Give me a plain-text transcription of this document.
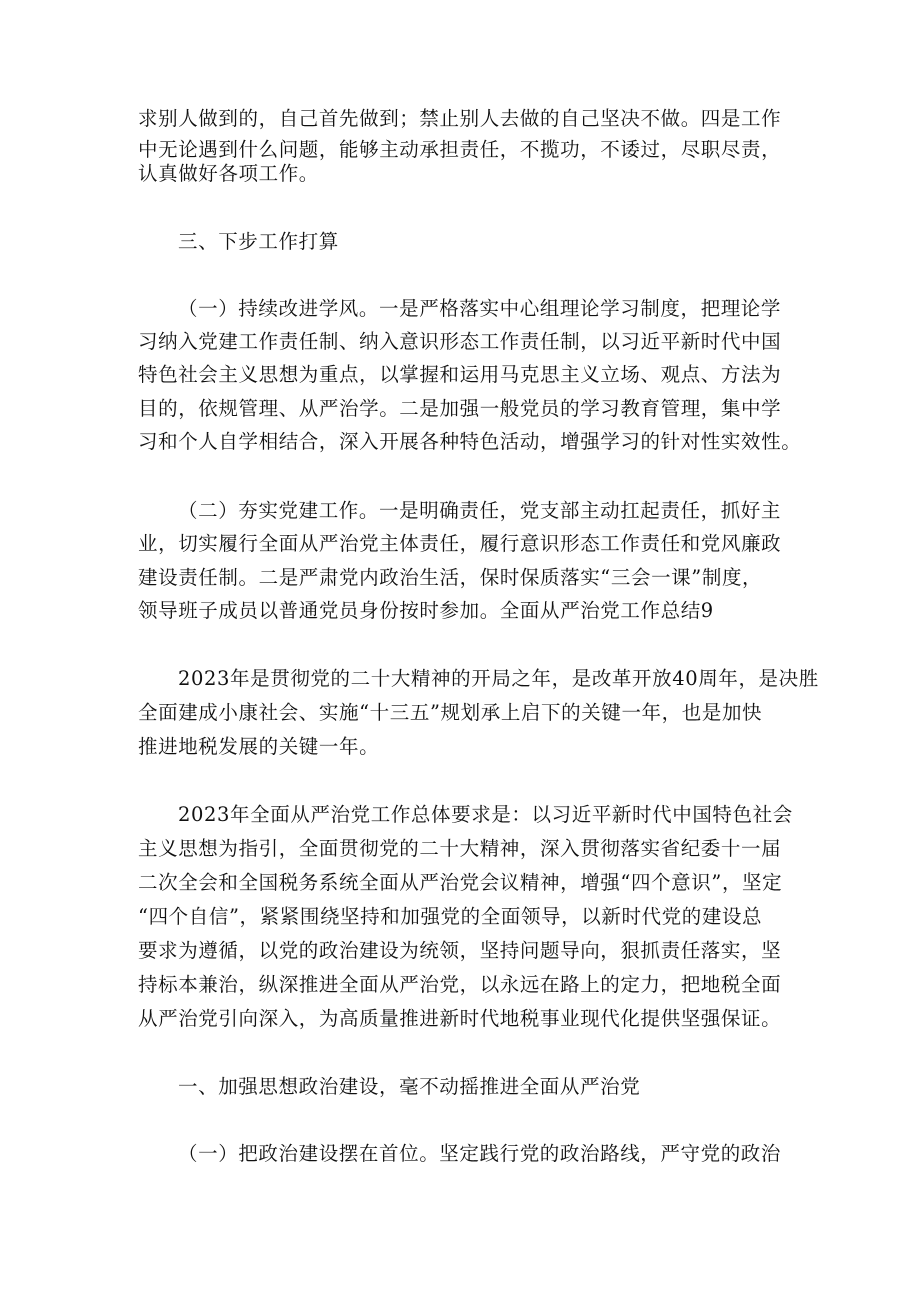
求别人做到的，自己首先做到；禁止别人去做的自己坚决不做。四是工作

中无论遇到什么问题，能够主动承担责任，不揽功，不诿过，尽职尽责，

认真做好各项工作。

三、下步工作打算

（一）持续改进学风。一是严格落实中心组理论学习制度，把理论学

习纳入党建工作责任制、纳入意识形态工作责任制，以习近平新时代中国

特色社会主义思想为重点，以掌握和运用马克思主义立场、观点、方法为

目的，依规管理、从严治学。二是加强一般党员的学习教育管理，集中学

习和个人自学相结合，深入开展各种特色活动，增强学习的针对性实效性。

（二）夯实党建工作。一是明确责任，党支部主动扛起责任，抓好主

业，切实履行全面从严治党主体责任，履行意识形态工作责任和党风廉政

建设责任制。二是严肃党内政治生活，保时保质落实“三会一课”制度，

领导班子成员以普通党员身份按时参加。全面从严治党工作总结9

2023年是贯彻党的二十大精神的开局之年，是改革开放40周年，是决胜

全面建成小康社会、实施“十三五”规划承上启下的关键一年，也是加快

推进地税发展的关键一年。

2023年全面从严治党工作总体要求是：以习近平新时代中国特色社会

主义思想为指引，全面贯彻党的二十大精神，深入贯彻落实省纪委十一届

二次全会和全国税务系统全面从严治党会议精神，增强“四个意识”，坚定

“四个自信”，紧紧围绕坚持和加强党的全面领导，以新时代党的建设总

要求为遵循，以党的政治建设为统领，坚持问题导向，狠抓责任落实，坚

持标本兼治，纵深推进全面从严治党，以永远在路上的定力，把地税全面

从严治党引向深入，为高质量推进新时代地税事业现代化提供坚强保证。

一、加强思想政治建设，毫不动摇推进全面从严治党

（一）把政治建设摆在首位。坚定践行党的政治路线，严守党的政治
